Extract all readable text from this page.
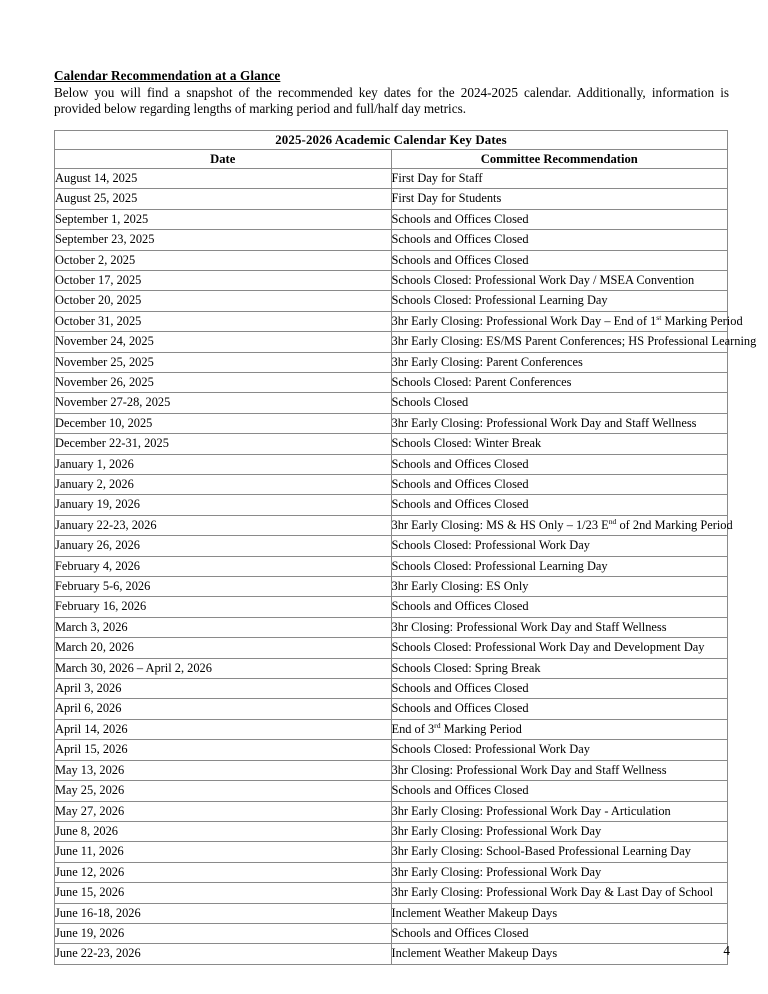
Calendar Recommendation at a Glance

Below you will find a snapshot of the recommended key dates for the 2024-2025 calendar. Additionally, information is provided below regarding lengths of marking period and full/half day metrics.

2025-2026 Academic Calendar Key Dates	
Date	Committee Recommendation
August 14, 2025	First Day for Staff
August 25, 2025	First Day for Students
September 1, 2025	Schools and Offices Closed
September 23, 2025	Schools and Offices Closed
October 2, 2025	Schools and Offices Closed
October 17, 2025	Schools Closed: Professional Work Day / MSEA Convention
October 20, 2025	Schools Closed: Professional Learning Day
October 31, 2025	3hr Early Closing: Professional Work Day – End of 1st Marking Period
November 24, 2025	3hr Early Closing: ES/MS Parent Conferences; HS Professional Learning
November 25, 2025	3hr Early Closing: Parent Conferences
November 26, 2025	Schools Closed: Parent Conferences
November 27-28, 2025	Schools Closed
December 10, 2025	3hr Early Closing: Professional Work Day and Staff Wellness
December 22-31, 2025	Schools Closed: Winter Break
January 1, 2026	Schools and Offices Closed
January 2, 2026	Schools and Offices Closed
January 19, 2026	Schools and Offices Closed
January 22-23, 2026	3hr Early Closing: MS & HS Only – 1/23 $E^{nd}$ of 2nd Marking Period
January 26, 2026	Schools Closed: Professional Work Day
February 4, 2026	Schools Closed: Professional Learning Day
February 5-6, 2026	3hr Early Closing: ES Only
February 16, 2026	Schools and Offices Closed
March 3, 2026	3hr Closing: Professional Work Day and Staff Wellness
March 20, 2026	Schools Closed: Professional Work Day and Development Day
March 30, 2026 – April 2, 2026	Schools Closed: Spring Break
April 3, 2026	Schools and Offices Closed
April 6, 2026	Schools and Offices Closed
April 14, 2026	End of 3rd Marking Period
April 15, 2026	Schools Closed: Professional Work Day
May 13, 2026	3hr Closing: Professional Work Day and Staff Wellness
May 25, 2026	Schools and Offices Closed
May 27, 2026	3hr Early Closing: Professional Work Day - Articulation
June 8, 2026	3hr Early Closing: Professional Work Day
June 11, 2026	3hr Early Closing: School-Based Professional Learning Day
June 12, 2026	3hr Early Closing: Professional Work Day
June 15, 2026	3hr Early Closing: Professional Work Day & Last Day of School
June 16-18, 2026	Inclement Weather Makeup Days
June 19, 2026	Schools and Offices Closed
June 22-23, 2026	Inclement Weather Makeup Days	4
